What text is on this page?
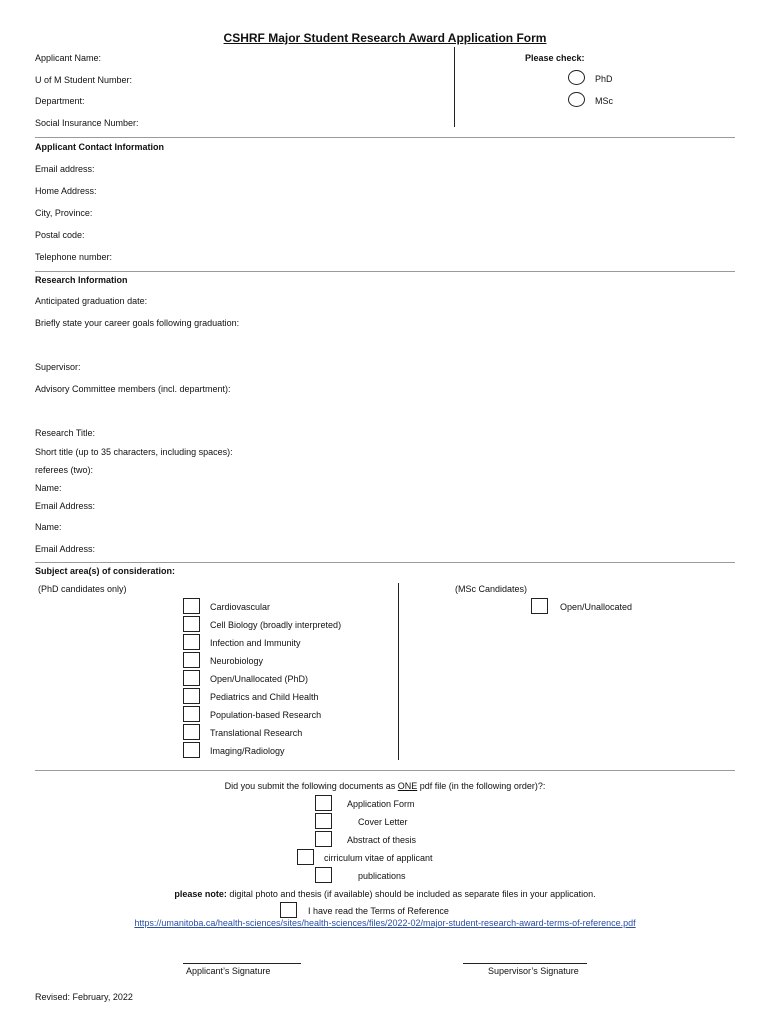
CSHRF Major Student Research Award Application Form
Applicant Name:
U of M Student Number:
Department:
Social Insurance Number:
Please check:
PhD
MSc
Applicant Contact Information
Email address:
Home Address:
City, Province:
Postal code:
Telephone number:
Research Information
Anticipated graduation date:
Briefly state your career goals following graduation:
Supervisor:
Advisory Committee members (incl. department):
Research Title:
Short title (up to 35 characters, including spaces):
referees (two):
Name:
Email Address:
Name:
Email Address:
Subject area(s) of consideration:
(PhD candidates only)	(MSc Candidates)
Cardiovascular
Cell Biology (broadly interpreted)
Infection and Immunity
Neurobiology
Open/Unallocated (PhD)
Pediatrics and Child Health
Population-based Research
Translational Research
Imaging/Radiology
Open/Unallocated
Did you submit the following documents as ONE pdf file (in the following order)?:
Application Form
Cover Letter
Abstract of thesis
cirriculum vitae of applicant
publications
please note: digital photo and thesis (if available) should be included as separate files in your application.
I have read the Terms of Reference
https://umanitoba.ca/health-sciences/sites/health-sciences/files/2022-02/major-student-research-award-terms-of-reference.pdf
Applicant’s Signature	Supervisor’s Signature
Revised: February, 2022
